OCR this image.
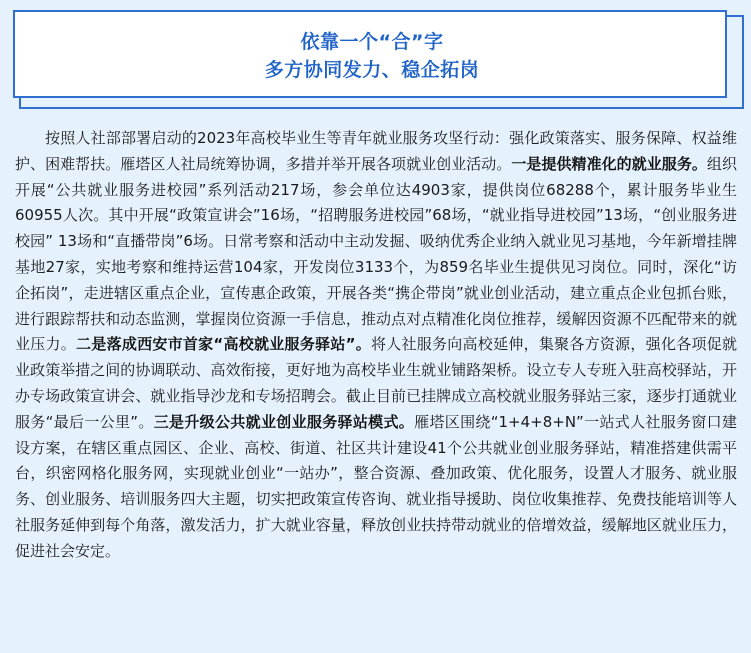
依靠一个“合”字
多方协同发力、稳企拓岗

按照人社部部署启动的2023年高校毕业生等青年就业服务攻坚行动：强化政策落实、服务保障、权益维护、困难帮扶。雁塔区人社局统筹协调，多措并举开展各项就业创业活动。一是提供精准化的就业服务。组织开展“公共就业服务进校园”系列活动217场，参会单位达4903家，提供岗位68288个，累计服务毕业生60955人次。其中开展“政策宣讲会”16场，“招聘服务进校园”68场，“就业指导进校园”13场，“创业服务进校园” 13场和“直播带岗”6场。日常考察和活动中主动发掘、吸纳优秀企业纳入就业见习基地，今年新增挂牌基地27家，实地考察和维持运营104家，开发岗位3133个，为859名毕业生提供见习岗位。同时，深化“访企拓岗”，走进辖区重点企业，宣传惠企政策，开展各类“携企带岗”就业创业活动，建立重点企业包抓台账，进行跟踪帮扶和动态监测，掌握岗位资源一手信息，推动点对点精准化岗位推荐，缓解因资源不匹配带来的就业压力。二是落成西安市首家“高校就业服务驿站”。将人社服务向高校延伸，集聚各方资源，强化各项促就业政策举措之间的协调联动、高效衔接，更好地为高校毕业生就业铺路架桥。设立专人专班入驻高校驿站，开办专场政策宣讲会、就业指导沙龙和专场招聘会。截止目前已挂牌成立高校就业服务驿站三家，逐步打通就业服务“最后一公里”。三是升级公共就业创业服务驿站模式。雁塔区围绕“1+4+8+N”一站式人社服务窗口建设方案，在辖区重点园区、企业、高校、街道、社区共计建设41个公共就业创业服务驿站，精准搭建供需平台，织密网格化服务网，实现就业创业“一站办”，整合资源、叠加政策、优化服务，设置人才服务、就业服务、创业服务、培训服务四大主题，切实把政策宣传咨询、就业指导援助、岗位收集推荐、免费技能培训等人社服务延伸到每个角落，激发活力，扩大就业容量，释放创业扶持带动就业的倍增效益，缓解地区就业压力，促进社会安定。
